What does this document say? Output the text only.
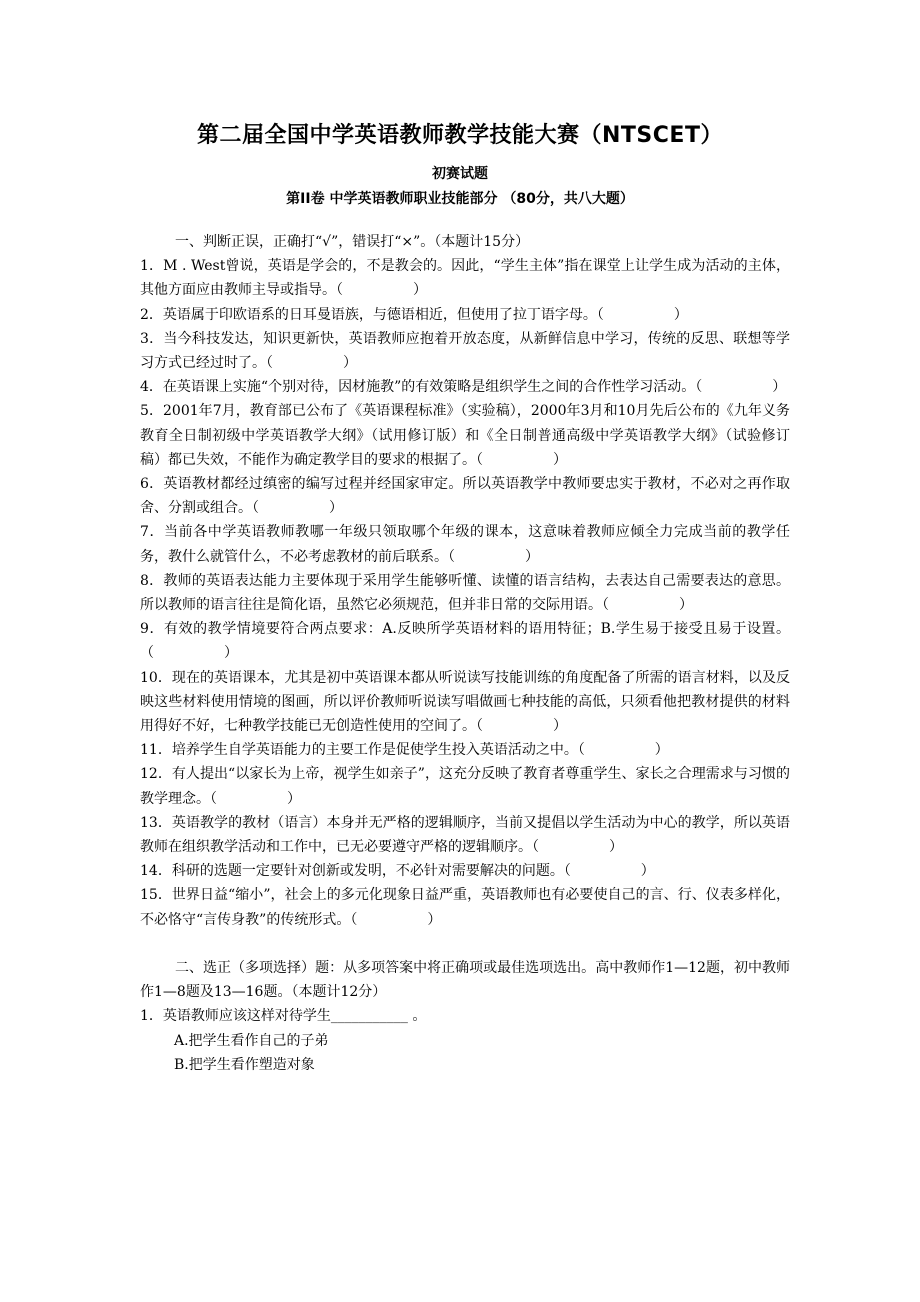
第二届全国中学英语教师教学技能大赛（NTSCET）
初赛试题
第II卷 中学英语教师职业技能部分 （80分，共八大题）

一、判断正误，正确打“√”，错误打“×”。（本题计15分）

1．M . West曾说，英语是学会的，不是教会的。因此，“学生主体”指在课堂上让学生成为活动的主体，其他方面应由教师主导或指导。（　　　　　）

2．英语属于印欧语系的日耳曼语族，与德语相近，但使用了拉丁语字母。（　　　　　）

3．当今科技发达，知识更新快，英语教师应抱着开放态度，从新鲜信息中学习，传统的反思、联想等学习方式已经过时了。（　　　　　）

4．在英语课上实施“个别对待，因材施教”的有效策略是组织学生之间的合作性学习活动。（　　　　　）

5．2001年7月，教育部已公布了《英语课程标准》（实验稿），2000年3月和10月先后公布的《九年义务教育全日制初级中学英语教学大纲》（试用修订版）和《全日制普通高级中学英语教学大纲》（试验修订稿）都已失效，不能作为确定教学目的要求的根据了。（　　　　　）

6．英语教材都经过缜密的编写过程并经国家审定。所以英语教学中教师要忠实于教材，不必对之再作取舍、分割或组合。（　　　　　）

7．当前各中学英语教师教哪一年级只领取哪个年级的课本，这意味着教师应倾全力完成当前的教学任务，教什么就管什么，不必考虑教材的前后联系。（　　　　　）

8．教师的英语表达能力主要体现于采用学生能够听懂、读懂的语言结构，去表达自己需要表达的意思。所以教师的语言往往是简化语，虽然它必须规范，但并非日常的交际用语。（　　　　　）

9．有效的教学情境要符合两点要求：A.反映所学英语材料的语用特征；B.学生易于接受且易于设置。（　　　　　）

10．现在的英语课本，尤其是初中英语课本都从听说读写技能训练的角度配备了所需的语言材料，以及反映这些材料使用情境的图画，所以评价教师听说读写唱做画七种技能的高低，只须看他把教材提供的材料用得好不好，七种教学技能已无创造性使用的空间了。（　　　　　）

11．培养学生自学英语能力的主要工作是促使学生投入英语活动之中。（　　　　　）

12．有人提出“以家长为上帝，视学生如亲子”，这充分反映了教育者尊重学生、家长之合理需求与习惯的教学理念。（　　　　　）

13．英语教学的教材（语言）本身并无严格的逻辑顺序，当前又提倡以学生活动为中心的教学，所以英语教师在组织教学活动和工作中，已无必要遵守严格的逻辑顺序。（　　　　　）

14．科研的选题一定要针对创新或发明，不必针对需要解决的问题。（　　　　　）

15．世界日益“缩小”，社会上的多元化现象日益严重，英语教师也有必要使自己的言、行、仪表多样化，不必恪守“言传身教”的传统形式。（　　　　　）

二、选正（多项选择）题：从多项答案中将正确项或最佳选项选出。高中教师作1—12题，初中教师作1—8题及13—16题。（本题计12分）

1．英语教师应该这样对待学生___________ 。

A.把学生看作自己的子弟

B.把学生看作塑造对象
